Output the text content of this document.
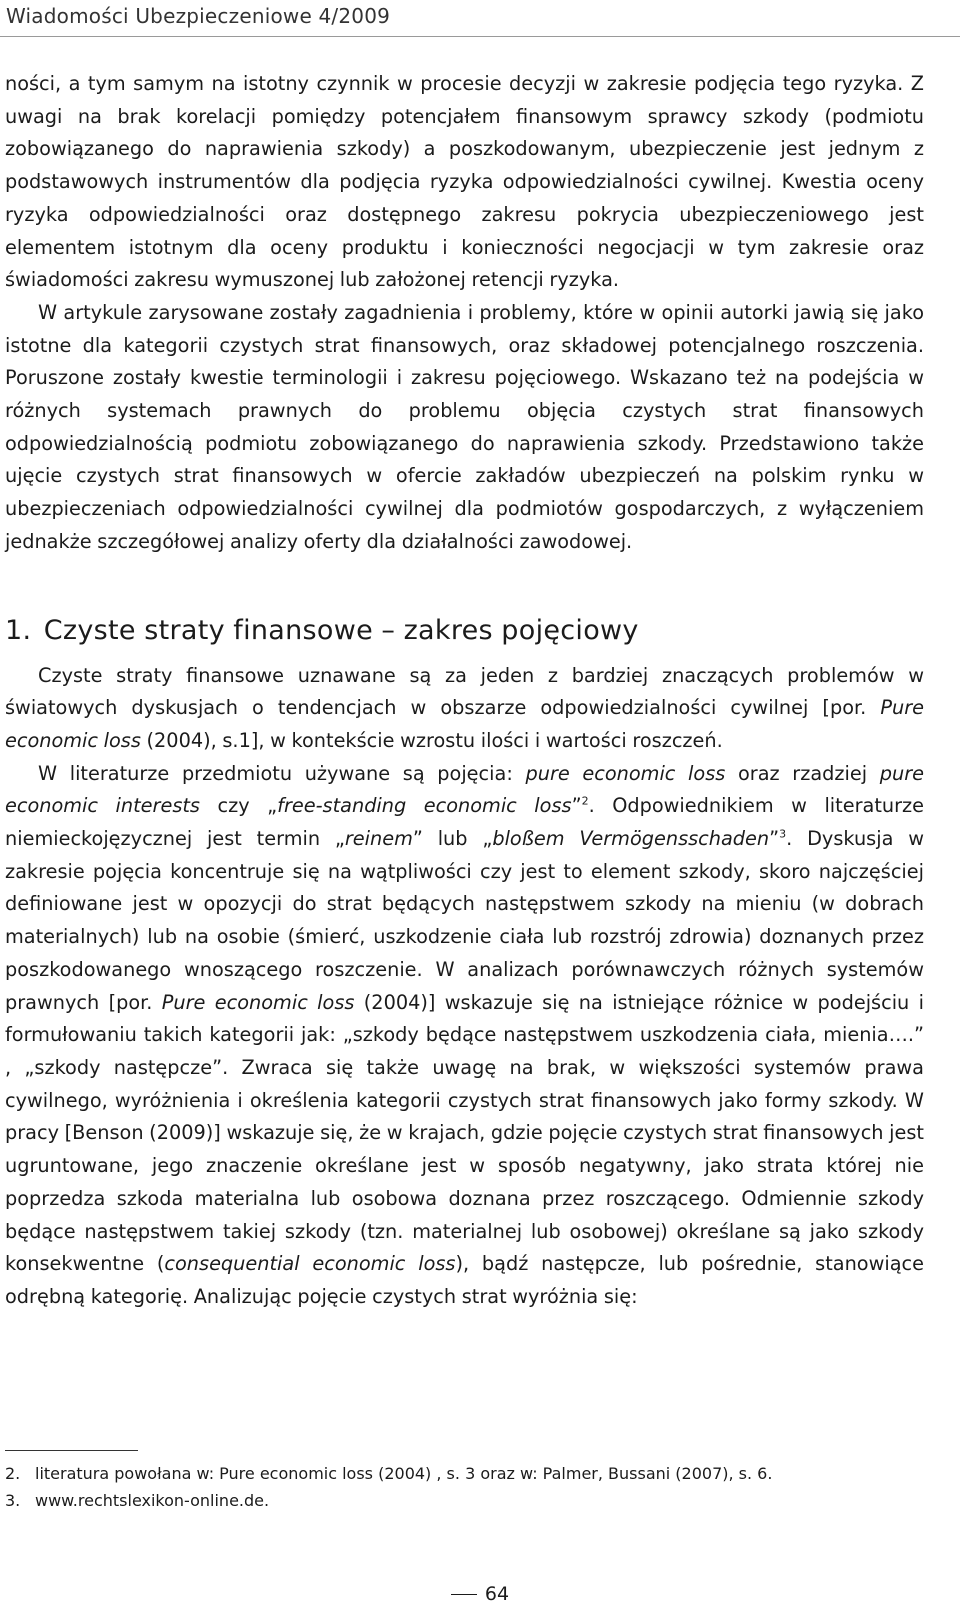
Wiadomości Ubezpieczeniowe 4/2009

ności, a tym samym na istotny czynnik w procesie decyzji w zakresie podjęcia tego ryzyka. Z uwagi na brak korelacji pomiędzy potencjałem finansowym sprawcy szkody (podmiotu zobowiązanego do naprawienia szkody) a poszkodowanym, ubezpieczenie jest jednym z podstawowych instrumentów dla podjęcia ryzyka odpowiedzialności cywilnej. Kwestia oceny ryzyka odpowiedzialności oraz dostępnego zakresu pokrycia ubezpieczeniowego jest elementem istotnym dla oceny produktu i konieczności negocjacji w tym zakresie oraz świadomości zakresu wymuszonej lub założonej retencji ryzyka.

W artykule zarysowane zostały zagadnienia i problemy, które w opinii autorki jawią się jako istotne dla kategorii czystych strat finansowych, oraz składowej potencjalnego roszczenia. Poruszone zostały kwestie terminologii i zakresu pojęciowego. Wskazano też na podejścia w różnych systemach prawnych do problemu objęcia czystych strat finansowych odpowiedzialnością podmiotu zobowiązanego do naprawienia szkody. Przedstawiono także ujęcie czystych strat finansowych w ofercie zakładów ubezpieczeń na polskim rynku w ubezpieczeniach odpowiedzialności cywilnej dla podmiotów gospodarczych, z wyłączeniem jednakże szczegółowej analizy oferty dla działalności zawodowej.

1. Czyste straty finansowe – zakres pojęciowy

Czyste straty finansowe uznawane są za jeden z bardziej znaczących problemów w światowych dyskusjach o tendencjach w obszarze odpowiedzialności cywilnej [por. Pure economic loss (2004), s.1], w kontekście wzrostu ilości i wartości roszczeń.

W literaturze przedmiotu używane są pojęcia: pure economic loss oraz rzadziej pure economic interests czy „free-standing economic loss”$^2$. Odpowiednikiem w literaturze niemieckojęzycznej jest termin „reinem” lub „bloßem Vermögensschaden”$^3$. Dyskusja w zakresie pojęcia koncentruje się na wątpliwości czy jest to element szkody, skoro najczęściej definiowane jest w opozycji do strat będących następstwem szkody na mieniu (w dobrach materialnych) lub na osobie (śmierć, uszkodzenie ciała lub rozstrój zdrowia) doznanych przez poszkodowanego wnoszącego roszczenie. W analizach porównawczych różnych systemów prawnych [por. Pure economic loss (2004)] wskazuje się na istniejące różnice w podejściu i formułowaniu takich kategorii jak: „szkody będące następstwem uszkodzenia ciała, mienia….” , „szkody następcze”. Zwraca się także uwagę na brak, w większości systemów prawa cywilnego, wyróżnienia i określenia kategorii czystych strat finansowych jako formy szkody. W pracy [Benson (2009)] wskazuje się, że w krajach, gdzie pojęcie czystych strat finansowych jest ugruntowane, jego znaczenie określane jest w sposób negatywny, jako strata której nie poprzedza szkoda materialna lub osobowa doznana przez roszczącego. Odmiennie szkody będące następstwem takiej szkody (tzn. materialnej lub osobowej) określane są jako szkody konsekwentne (consequential economic loss), bądź następcze, lub pośrednie, stanowiące odrębną kategorię. Analizując pojęcie czystych strat wyróżnia się:

2. literatura powołana w: Pure economic loss (2004) , s. 3 oraz w: Palmer, Bussani (2007), s. 6.
3. www.rechtslexikon-online.de.
64
